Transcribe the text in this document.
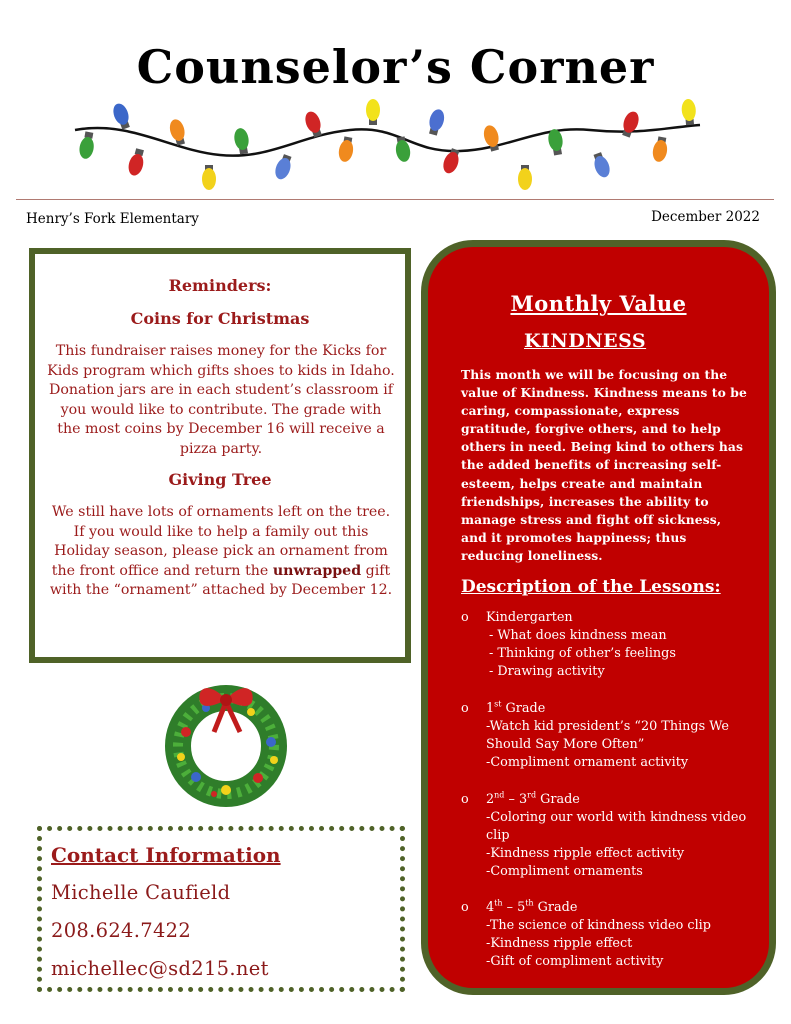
Counselor’s Corner
Henry’s Fork Elementary	December 2022
Reminders:
Coins for Christmas
This fundraiser raises money for the Kicks for Kids program which gifts shoes to kids in Idaho. Donation jars are in each student’s classroom if you would like to contribute. The grade with the most coins by December 16 will receive a pizza party.
Giving Tree
We still have lots of ornaments left on the tree. If you would like to help a family out this Holiday season, please pick an ornament from the front office and return the unwrapped gift with the “ornament” attached by December 12.
Contact Information
Michelle Caufield
208.624.7422
michellec@sd215.net
Monthly Value
KINDNESS
This month we will be focusing on the value of Kindness. Kindness means to be caring, compassionate, express gratitude, forgive others, and to help others in need. Being kind to others has the added benefits of increasing self-esteem, helps create and maintain friendships, increases the ability to manage stress and fight off sickness, and it promotes happiness; thus reducing loneliness.
Description of the Lessons:
o Kindergarten
- What does kindness mean
- Thinking of other’s feelings
- Drawing activity
o 1st Grade
-Watch kid president’s “20 Things We Should Say More Often”
-Compliment ornament activity
o 2nd – 3rd Grade
-Coloring our world with kindness video clip
-Kindness ripple effect activity
-Compliment ornaments
o 4th – 5th Grade
-The science of kindness video clip
-Kindness ripple effect
-Gift of compliment activity
